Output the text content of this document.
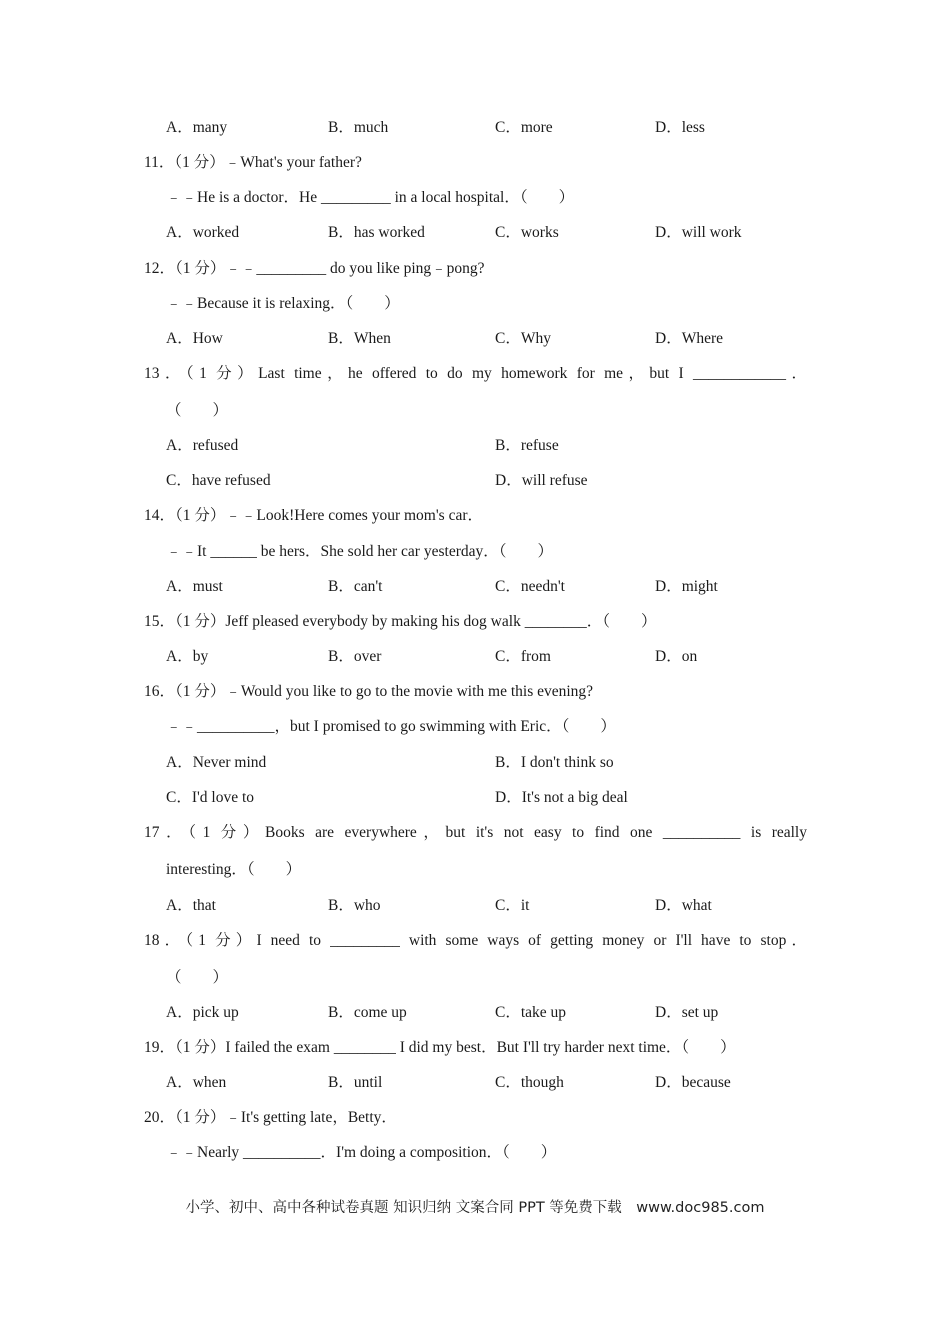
A．many	B．much	C．more	D．less
11．（1 分）﹣What's your father?
﹣﹣He is a doctor．He _________ in a local hospital．（　　）
A．worked	B．has worked	C．works	D．will work
12．（1 分）﹣﹣_________ do you like ping﹣pong?
﹣﹣Because it is relaxing．（　　）
A．How	B．When	C．Why	D．Where
13．（1 分）Last time，he offered to do my homework for me，but I ____________．
（　　）
A．refused	B．refuse
C．have refused	D．will refuse
14．（1 分）﹣﹣Look!Here comes your mom's car．
﹣﹣It ______ be hers．She sold her car yesterday．（　　）
A．must	B．can't	C．needn't	D．might
15．（1 分）Jeff pleased everybody by making his dog walk ________．（　　）
A．by	B．over	C．from	D．on
16．（1 分）﹣Would you like to go to the movie with me this evening?
﹣﹣__________，but I promised to go swimming with Eric．（　　）
A．Never mind	B．I don't think so
C．I'd love to	D．It's not a big deal
17．（1 分）Books are everywhere，but it's not easy to find one __________ is really
interesting．（　　）
A．that	B．who	C．it	D．what
18．（1 分）I need to _________ with some ways of getting money or I'll have to stop．
（　　）
A．pick up	B．come up	C．take up	D．set up
19．（1 分）I failed the exam ________ I did my best．But I'll try harder next time．（　　）
A．when	B．until	C．though	D．because
20．（1 分）﹣It's getting late，Betty．
﹣﹣Nearly __________．I'm doing a composition．（　　）
小学、初中、高中各种试卷真题 知识归纳 文案合同 PPT 等免费下载　www.doc985.com
